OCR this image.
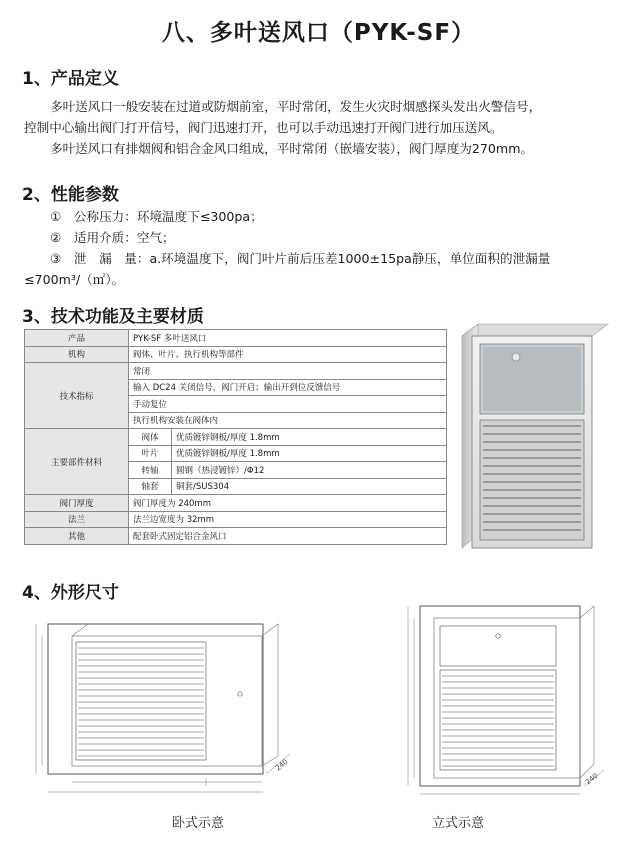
八、多叶送风口（PYK-SF）
1、产品定义
多叶送风口一般安装在过道或防烟前室，平时常闭，发生火灾时烟感探头发出火警信号，
控制中心输出阀门打开信号，阀门迅速打开，也可以手动迅速打开阀门进行加压送风。
多叶送风口有排烟阀和铝合金风口组成，平时常闭（嵌墙安装），阀门厚度为270mm。
2、性能参数
①　公称压力：环境温度下≤300pa；
②　适用介质：空气；
③　泄　漏　量：a.环境温度下，阀门叶片前后压差1000±15pa静压，单位面积的泄漏量
≤700m³/（㎡）。
3、技术功能及主要材质
产品	PYK-SF 多叶送风口	
机构	阀体、叶片、执行机构等部件	
技术指标	常闭	
	输入 DC24 关闭信号，阀门开启；输出开到位反馈信号	
	手动复位	
	执行机构安装在阀体内	
主要部件材料	阀体	优质镀锌钢板/厚度 1.8mm
	叶片	优质镀锌钢板/厚度 1.8mm
	转轴	圆钢（热浸镀锌）/Φ12
	轴套	铜套/SUS304
阀门厚度	阀门厚度为 240mm	
法兰	法兰边宽度为 32mm	
其他	配套卧式固定铝合金风口	
4、外形尺寸
240
240
卧式示意	立式示意
